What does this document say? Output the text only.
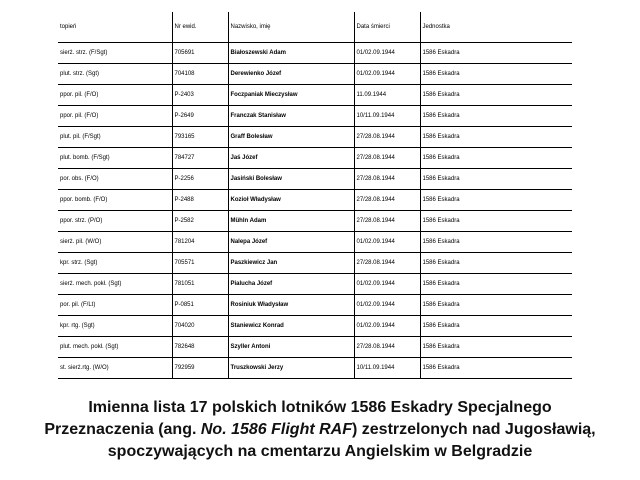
topień	Nr ewid.	Nazwisko, imię	Data śmierci	Jednostka
sierż. strz. (F/Sgt)	705691	Białoszewski Adam	01/02.09.1944	1586 Eskadra
plut. strz. (Sgt)	704108	Derewienko Józef	01/02.09.1944	1586 Eskadra
ppor. pil. (F/O)	P-2403	Foczpaniak Mieczysław	11.09.1944	1586 Eskadra
ppor. pil. (F/O)	P-2649	Franczak Stanisław	10/11.09.1944	1586 Eskadra
plut. pil. (F/Sgt)	793165	Graff Bolesław	27/28.08.1944	1586 Eskadra
plut. bomb. (F/Sgt)	784727	Jaś Józef	27/28.08.1944	1586 Eskadra
por. obs. (F/O)	P-2256	Jasiński Bolesław	27/28.08.1944	1586 Eskadra
ppor. bomb. (F/O)	P-2488	Kozioł Władysław	27/28.08.1944	1586 Eskadra
ppor. strz. (P/O)	P-2582	Mühln Adam	27/28.08.1944	1586 Eskadra
sierż. pil. (W/O)	781204	Nalepa Józef	01/02.09.1944	1586 Eskadra
kpr. strz. (Sgt)	705571	Paszkiewicz Jan	27/28.08.1944	1586 Eskadra
sierż. mech. pokł. (Sgt)	781051	Pialucha Józef	01/02.09.1944	1586 Eskadra
por. pil. (F/Lt)	P-0851	Rosiniuk Władysław	01/02.09.1944	1586 Eskadra
kpr. rtg. (Sgt)	704020	Staniewicz Konrad	01/02.09.1944	1586 Eskadra
plut. mech. pokł. (Sgt)	782648	Szyller Antoni	27/28.08.1944	1586 Eskadra
st. sierż.rtg. (W/O)	792959	Truszkowski Jerzy	10/11.09.1944	1586 Eskadra
Imienna lista 17 polskich lotników 1586 Eskadry Specjalnego
Przeznaczenia (ang. No. 1586 Flight RAF) zestrzelonych nad Jugosławią,
spoczywających na cmentarzu Angielskim w Belgradzie
